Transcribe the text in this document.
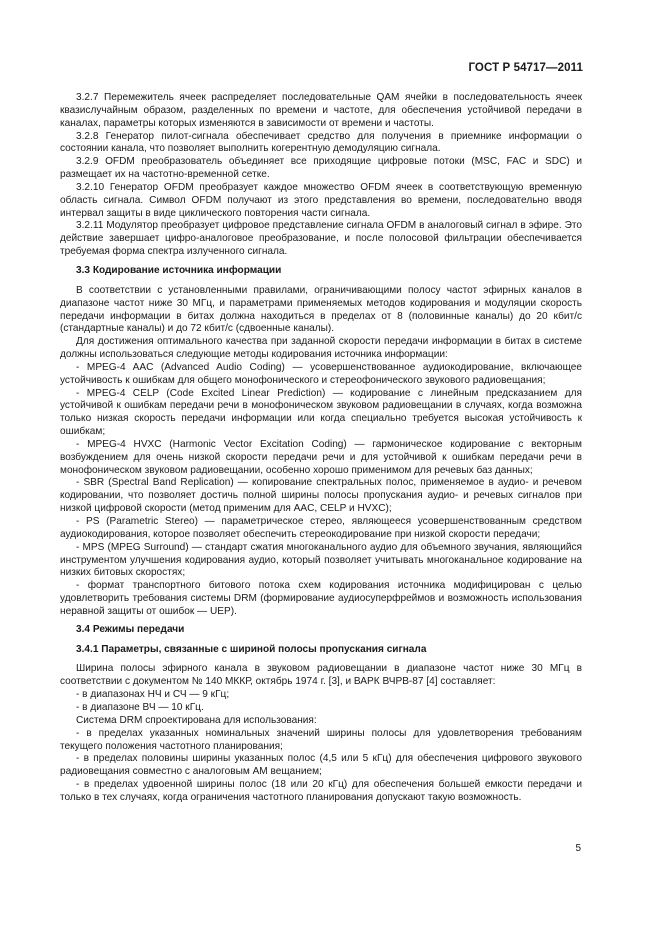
ГОСТ Р 54717—2011

3.2.7 Перемежитель ячеек распределяет последовательные QAM ячейки в последовательность ячеек квазислучайным образом, разделенных по времени и частоте, для обеспечения устойчивой передачи в каналах, параметры которых изменяются в зависимости от времени и частоты.

3.2.8 Генератор пилот-сигнала обеспечивает средство для получения в приемнике информации о состоянии канала, что позволяет выполнить когерентную демодуляцию сигнала.

3.2.9 OFDM преобразователь объединяет все приходящие цифровые потоки (MSC, FAC и SDC) и размещает их на частотно-временной сетке.

3.2.10 Генератор OFDM преобразует каждое множество OFDM ячеек в соответствующую временную область сигнала. Символ OFDM получают из этого представления во времени, последовательно вводя интервал защиты в виде циклического повторения части сигнала.

3.2.11 Модулятор преобразует цифровое представление сигнала OFDM в аналоговый сигнал в эфире. Это действие завершает цифро-аналоговое преобразование, и после полосовой фильтрации обеспечивается требуемая форма спектра излученного сигнала.

3.3 Кодирование источника информации

В соответствии с установленными правилами, ограничивающими полосу частот эфирных каналов в диапазоне частот ниже 30 МГц, и параметрами применяемых методов кодирования и модуляции скорость передачи информации в битах должна находиться в пределах от 8 (половинные каналы) до 20 кбит/с (стандартные каналы) и до 72 кбит/с (сдвоенные каналы).

Для достижения оптимального качества при заданной скорости передачи информации в битах в системе должны использоваться следующие методы кодирования источника информации:

- MPEG-4 AAC (Advanced Audio Coding) — усовершенствованное аудиокодирование, включающее устойчивость к ошибкам для общего монофонического и стереофонического звукового радиовещания;

- MPEG-4 CELP (Code Excited Linear Prediction) — кодирование с линейным предсказанием для устойчивой к ошибкам передачи речи в монофоническом звуковом радиовещании в случаях, когда возможна только низкая скорость передачи информации или когда специально требуется высокая устойчивость к ошибкам;

- MPEG-4 HVXC (Harmonic Vector Excitation Coding) — гармоническое кодирование с векторным возбуждением для очень низкой скорости передачи речи и для устойчивой к ошибкам передачи речи в монофоническом звуковом радиовещании, особенно хорошо применимом для речевых баз данных;

- SBR (Spectral Band Replication) — копирование спектральных полос, применяемое в аудио- и речевом кодировании, что позволяет достичь полной ширины полосы пропускания аудио- и речевых сигналов при низкой цифровой скорости (метод применим для AAC, CELP и HVXC);

- PS (Parametric Stereo) — параметрическое стерео, являющееся усовершенствованным средством аудиокодирования, которое позволяет обеспечить стереокодирование при низкой скорости передачи;

- MPS (MPEG Surround) — стандарт сжатия многоканального аудио для объемного звучания, являющийся инструментом улучшения кодирования аудио, который позволяет учитывать многоканальное кодирование на низких битовых скоростях;

- формат транспортного битового потока схем кодирования источника модифицирован с целью удовлетворить требования системы DRM (формирование аудиосуперфреймов и возможность использования неравной защиты от ошибок — UEP).

3.4 Режимы передачи

3.4.1 Параметры, связанные с шириной полосы пропускания сигнала

Ширина полосы эфирного канала в звуковом радиовещании в диапазоне частот ниже 30 МГц в соответствии с документом № 140 МККР, октябрь 1974 г. [3], и ВАРК ВЧРВ-87 [4] составляет:

- в диапазонах НЧ и СЧ — 9 кГц;

- в диапазоне ВЧ — 10 кГц.

Система DRM спроектирована для использования:

- в пределах указанных номинальных значений ширины полосы для удовлетворения требованиям текущего положения частотного планирования;

- в пределах половины ширины указанных полос (4,5 или 5 кГц) для обеспечения цифрового звукового радиовещания совместно с аналоговым АМ вещанием;

- в пределах удвоенной ширины полос (18 или 20 кГц) для обеспечения большей емкости передачи и только в тех случаях, когда ограничения частотного планирования допускают такую возможность.

5
